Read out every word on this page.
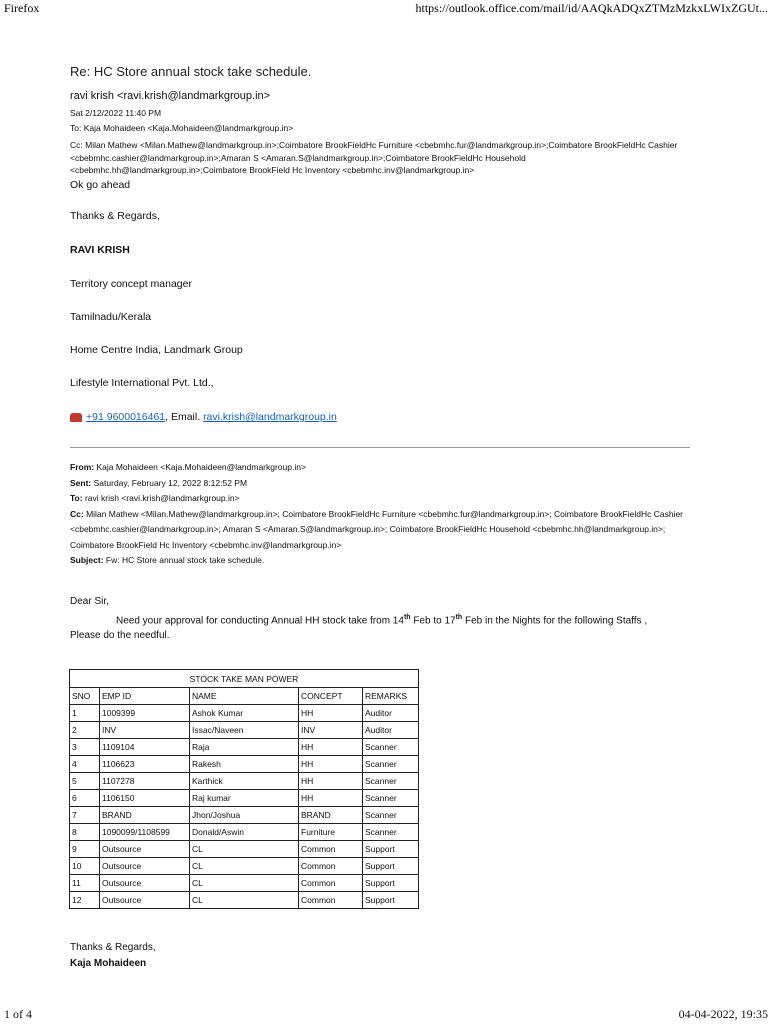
Firefox	https://outlook.office.com/mail/id/AAQkADQxZTMzMzkxLWIxZGUt...
Re: HC Store annual stock take schedule.
ravi krish <ravi.krish@landmarkgroup.in>
Sat 2/12/2022 11:40 PM
To: Kaja Mohaideen <Kaja.Mohaideen@landmarkgroup.in>
Cc: Milan Mathew <Milan.Mathew@landmarkgroup.in>;Coimbatore BrookFieldHc Furniture <cbebmhc.fur@landmarkgroup.in>;Coimbatore BrookFieldHc Cashier <cbebmhc.cashier@landmarkgroup.in>;Amaran S <Amaran.S@landmarkgroup.in>;Coimbatore BrookFieldHc Household <cbebmhc.hh@landmarkgroup.in>;Coimbatore BrookField Hc Inventory <cbebmhc.inv@landmarkgroup.in>
Ok go ahead
Thanks & Regards,
RAVI KRISH
Territory concept manager
Tamilnadu/Kerala
Home Centre India, Landmark Group
Lifestyle International Pvt. Ltd.,
+91 9600016461, Email. ravi.krish@landmarkgroup.in
From: Kaja Mohaideen <Kaja.Mohaideen@landmarkgroup.in>
Sent: Saturday, February 12, 2022 8:12:52 PM
To: ravi krish <ravi.krish@landmarkgroup.in>
Cc: Milan Mathew <Milan.Mathew@landmarkgroup.in>; Coimbatore BrookFieldHc Furniture <cbebmhc.fur@landmarkgroup.in>; Coimbatore BrookFieldHc Cashier <cbebmhc.cashier@landmarkgroup.in>; Amaran S <Amaran.S@landmarkgroup.in>; Coimbatore BrookFieldHc Household <cbebmhc.hh@landmarkgroup.in>; Coimbatore BrookField Hc Inventory <cbebmhc.inv@landmarkgroup.in>
Subject: Fw: HC Store annual stock take schedule.
Dear Sir,
Need your approval for conducting Annual HH stock take from 14th Feb to 17th Feb in the Nights for the following Staffs ,
Please do the needful.
STOCK TAKE MAN POWER				
SNO	EMP ID	NAME	CONCEPT	REMARKS
1	1009399	Ashok Kumar	HH	Auditor
2	INV	Issac/Naveen	INV	Auditor
3	1109104	Raja	HH	Scanner
4	1106623	Rakesh	HH	Scanner
5	1107278	Karthick	HH	Scanner
6	1106150	Raj kumar	HH	Scanner
7	BRAND	Jhon/Joshua	BRAND	Scanner
8	1090099/1108599	Donald/Aswin	Furniture	Scanner
9	Outsource	CL	Common	Support
10	Outsource	CL	Common	Support
11	Outsource	CL	Common	Support
12	Outsource	CL	Common	Support
Thanks & Regards,
Kaja Mohaideen
1 of 4	04-04-2022, 19:35
